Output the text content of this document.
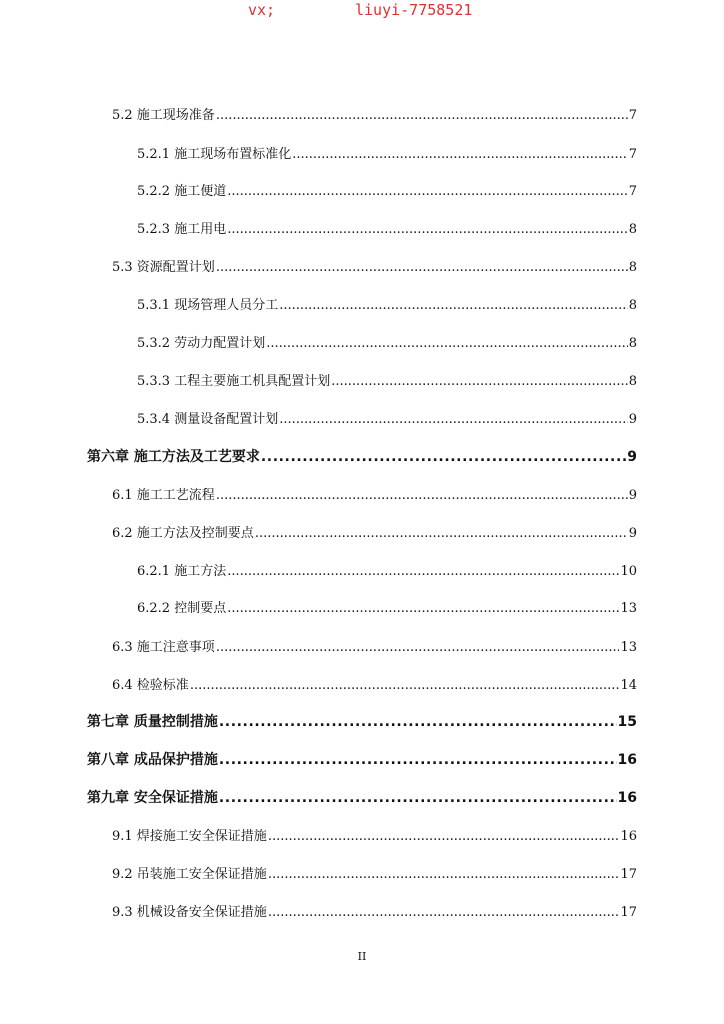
vx;	liuyi-7758521
5.2 施工现场准备 .....	7
5.2.1 施工现场布置标准化 .....	7
5.2.2 施工便道 .....	7
5.2.3 施工用电 .....	8
5.3 资源配置计划 .....	8
5.3.1 现场管理人员分工 .....	8
5.3.2 劳动力配置计划 .....	8
5.3.3 工程主要施工机具配置计划 .....	8
5.3.4 测量设备配置计划 .....	9
第六章 施工方法及工艺要求 .....	9
6.1 施工工艺流程 .....	9
6.2 施工方法及控制要点 .....	9
6.2.1 施工方法 .....	10
6.2.2 控制要点 .....	13
6.3 施工注意事项 .....	13
6.4 检验标准 .....	14
第七章 质量控制措施 .....	15
第八章 成品保护措施 .....	16
第九章 安全保证措施 .....	16
9.1 焊接施工安全保证措施 .....	16
9.2 吊装施工安全保证措施 .....	17
9.3 机械设备安全保证措施 .....	17
II
